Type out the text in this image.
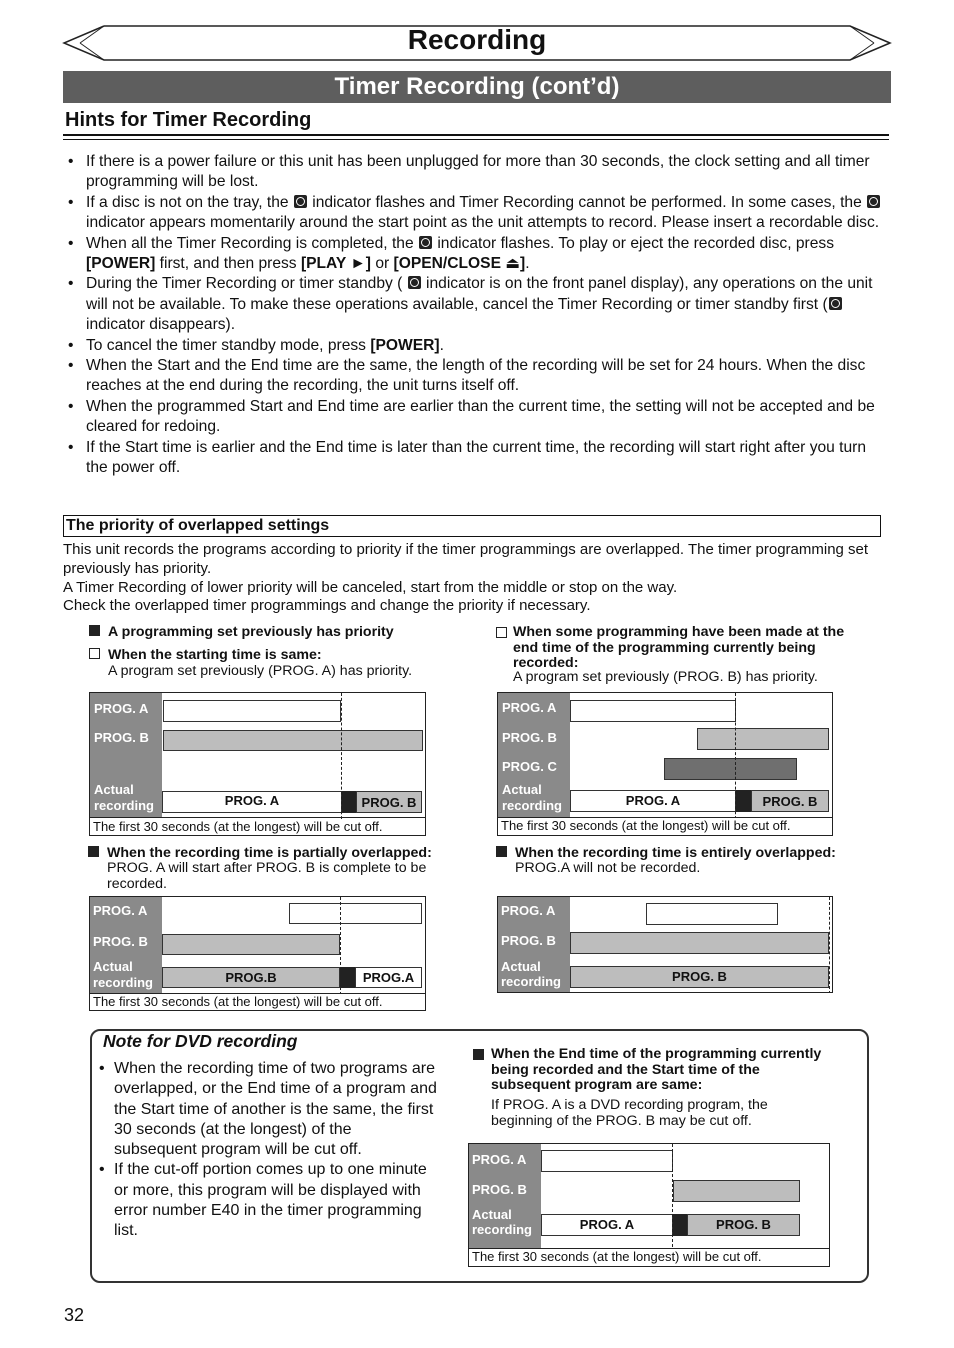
Recording
Timer Recording (cont’d)
Hints for Timer Recording
• If there is a power failure or this unit has been unplugged for more than 30 seconds, the clock setting and all timer programming will be lost.
• If a disc is not on the tray, the indicator flashes and Timer Recording cannot be performed. In some cases, the  indicator appears momentarily around the start point as the unit attempts to record. Please insert a recordable disc.
• When all the Timer Recording is completed, the indicator flashes. To play or eject the recorded disc, press [POWER] first, and then press [PLAY ►] or [OPEN/CLOSE ⏏].
• During the Timer Recording or timer standby ( indicator is on the front panel display), any operations on the unit will not be available. To make these operations available, cancel the Timer Recording or timer standby first ( indicator disappears).
• To cancel the timer standby mode, press [POWER].
• When the Start and the End time are the same, the length of the recording will be set for 24 hours. When the disc reaches at the end during the recording, the unit turns itself off.
• When the programmed Start and End time are earlier than the current time, the setting will not be accepted and be cleared for redoing.
• If the Start time is earlier and the End time is later than the current time, the recording will start right after you turn the power off.
The priority of overlapped settings
This unit records the programs according to priority if the timer programmings are overlapped. The timer programming set previously has priority.
A Timer Recording of lower priority will be canceled, start from the middle or stop on the way.
Check the overlapped timer programmings and change the priority if necessary.
A programming set previously has priority
When the starting time is same:
A program set previously (PROG. A) has priority.
PROG. A
PROG. B
Actual
recording	PROG. A	PROG. B
The first 30 seconds (at the longest) will be cut off.
When some programming have been made at the end time of the programming currently being recorded:
A program set previously (PROG. B) has priority.
PROG. A
PROG. B
PROG. C
Actual
recording	PROG. A	PROG. B
The first 30 seconds (at the longest) will be cut off.
When the recording time is partially overlapped:
PROG. A will start after PROG. B is complete to be recorded.
PROG. A
PROG. B
Actual
recording	PROG.B	PROG.A
The first 30 seconds (at the longest) will be cut off.
When the recording time is entirely overlapped:
PROG.A will not be recorded.
PROG. A
PROG. B
Actual
recording	PROG. B
Note for DVD recording
• When the recording time of two programs are overlapped, or the End time of a program and the Start time of another is the same, the first 30 seconds (at the longest) of the subsequent program will be cut off.
• If the cut-off portion comes up to one minute or more, this program will be displayed with error number E40 in the timer programming list.
When the End time of the programming currently being recorded and the Start time of the subsequent program are same:
If PROG. A is a DVD recording program, the beginning of the PROG. B may be cut off.
PROG. A
PROG. B
Actual
recording	PROG. A	PROG. B
The first 30 seconds (at the longest) will be cut off.
32
